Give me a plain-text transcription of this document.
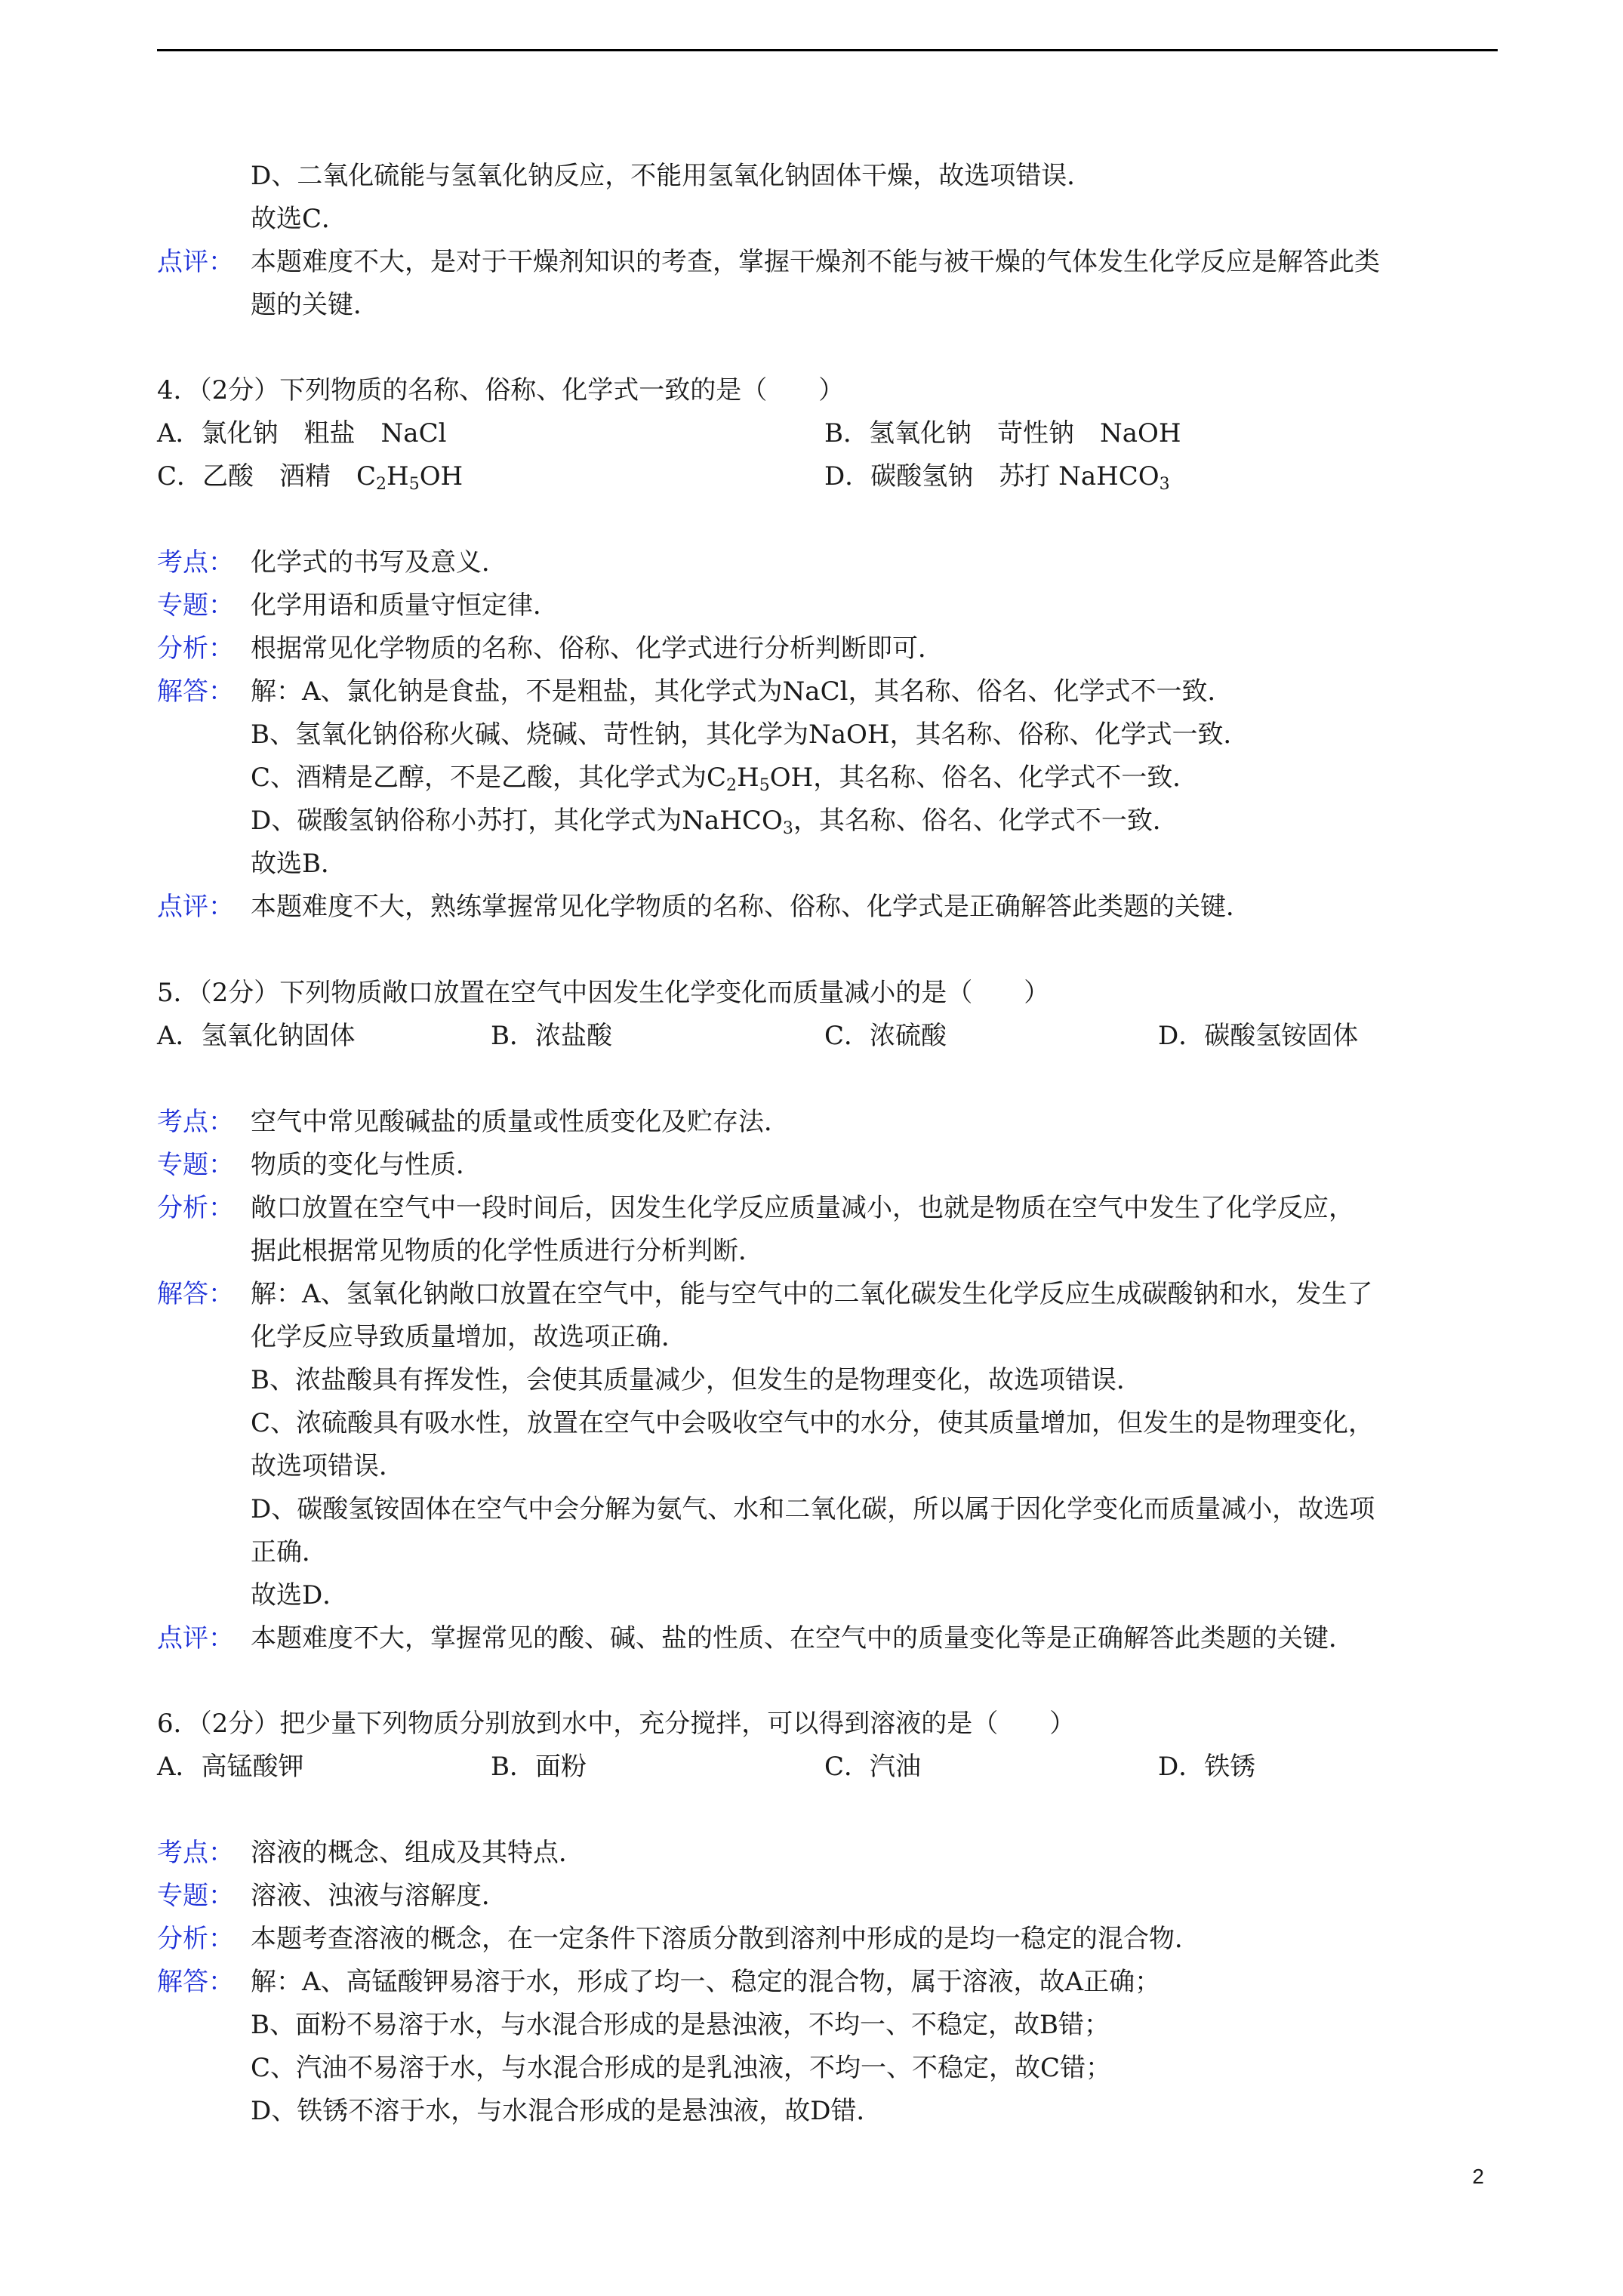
D、二氧化硫能与氢氧化钠反应，不能用氢氧化钠固体干燥，故选项错误．
故选C．
点评： 本题难度不大，是对于干燥剂知识的考查，掌握干燥剂不能与被干燥的气体发生化学反应是解答此类
题的关键．
4．（2分）下列物质的名称、俗称、化学式一致的是（　　）
A．氯化钠　粗盐　NaCl	B．氢氧化钠　苛性钠　NaOH
C．乙酸　酒精　$C_2H_5OH$	D．碳酸氢钠　苏打 NaHCO$_3$
考点： 化学式的书写及意义．
专题： 化学用语和质量守恒定律．
分析： 根据常见化学物质的名称、俗称、化学式进行分析判断即可．
解答： 解：A、氯化钠是食盐，不是粗盐，其化学式为NaCl，其名称、俗名、化学式不一致．
B、氢氧化钠俗称火碱、烧碱、苛性钠，其化学为NaOH，其名称、俗称、化学式一致．
C、酒精是乙醇，不是乙酸，其化学式为$C_2H_5OH$，其名称、俗名、化学式不一致．
D、碳酸氢钠俗称小苏打，其化学式为NaHCO$_3$，其名称、俗名、化学式不一致．
故选B．
点评： 本题难度不大，熟练掌握常见化学物质的名称、俗称、化学式是正确解答此类题的关键．
5．（2分）下列物质敞口放置在空气中因发生化学变化而质量减小的是（　　）
A．氢氧化钠固体	B．浓盐酸	C．浓硫酸	D．碳酸氢铵固体
考点： 空气中常见酸碱盐的质量或性质变化及贮存法．
专题： 物质的变化与性质．
分析： 敞口放置在空气中一段时间后，因发生化学反应质量减小，也就是物质在空气中发生了化学反应，
据此根据常见物质的化学性质进行分析判断．
解答： 解：A、氢氧化钠敞口放置在空气中，能与空气中的二氧化碳发生化学反应生成碳酸钠和水，发生了
化学反应导致质量增加，故选项正确．
B、浓盐酸具有挥发性，会使其质量减少，但发生的是物理变化，故选项错误．
C、浓硫酸具有吸水性，放置在空气中会吸收空气中的水分，使其质量增加，但发生的是物理变化，
故选项错误．
D、碳酸氢铵固体在空气中会分解为氨气、水和二氧化碳，所以属于因化学变化而质量减小，故选项
正确．
故选D．
点评： 本题难度不大，掌握常见的酸、碱、盐的性质、在空气中的质量变化等是正确解答此类题的关键．
6．（2分）把少量下列物质分别放到水中，充分搅拌，可以得到溶液的是（　　）
A．高锰酸钾	B．面粉	C．汽油	D．铁锈
考点： 溶液的概念、组成及其特点．
专题： 溶液、浊液与溶解度．
分析： 本题考查溶液的概念，在一定条件下溶质分散到溶剂中形成的是均一稳定的混合物．
解答： 解：A、高锰酸钾易溶于水，形成了均一、稳定的混合物，属于溶液，故A正确；
B、面粉不易溶于水，与水混合形成的是悬浊液，不均一、不稳定，故B错；
C、汽油不易溶于水，与水混合形成的是乳浊液，不均一、不稳定，故C错；
D、铁锈不溶于水，与水混合形成的是悬浊液，故D错．
2
